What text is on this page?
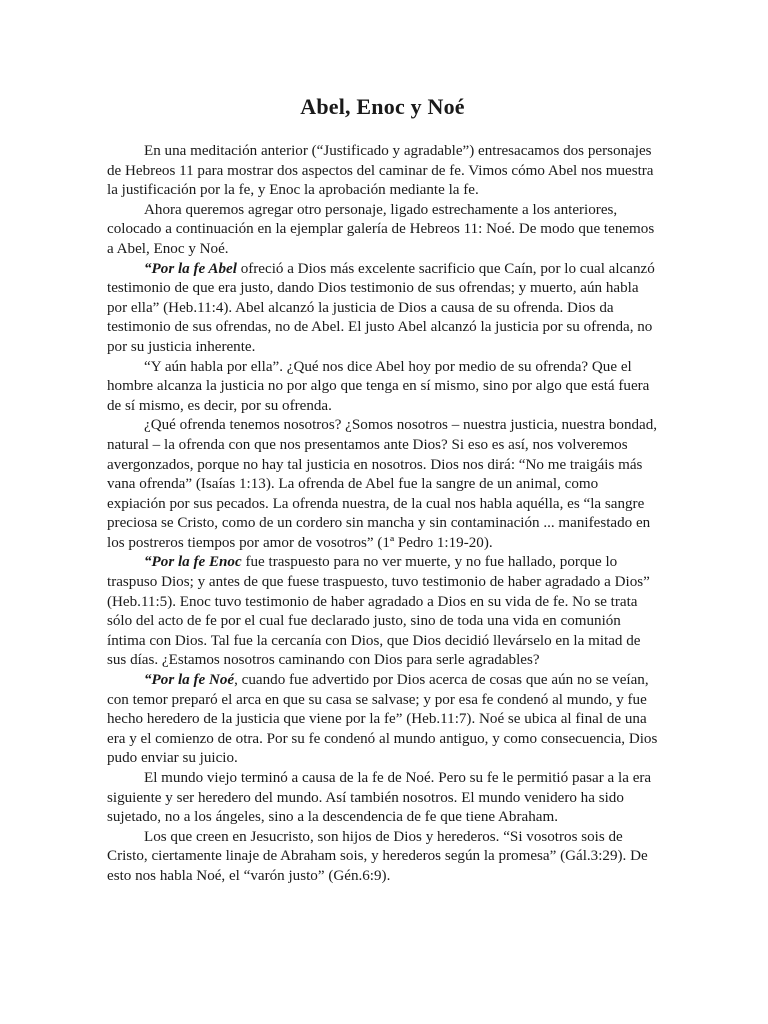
Abel, Enoc y Noé

En una meditación anterior (“Justificado y agradable”) entresacamos dos personajes de Hebreos 11 para mostrar dos aspectos del caminar de fe. Vimos cómo Abel nos muestra la justificación por la fe, y Enoc la aprobación mediante la fe.

Ahora queremos agregar otro personaje, ligado estrechamente a los anteriores, colocado a continuación en la ejemplar galería de Hebreos 11: Noé. De modo que tenemos a Abel, Enoc y Noé.

“Por la fe Abel ofreció a Dios más excelente sacrificio que Caín, por lo cual alcanzó testimonio de que era justo, dando Dios testimonio de sus ofrendas; y muerto, aún habla por ella” (Heb.11:4). Abel alcanzó la justicia de Dios a causa de su ofrenda. Dios da testimonio de sus ofrendas, no de Abel. El justo Abel alcanzó la justicia por su ofrenda, no por su justicia inherente.

“Y aún habla por ella”. ¿Qué nos dice Abel hoy por medio de su ofrenda? Que el hombre alcanza la justicia no por algo que tenga en sí mismo, sino por algo que está fuera de sí mismo, es decir, por su ofrenda.

¿Qué ofrenda tenemos nosotros? ¿Somos nosotros – nuestra justicia, nuestra bondad, natural – la ofrenda con que nos presentamos ante Dios? Si eso es así, nos volveremos avergonzados, porque no hay tal justicia en nosotros. Dios nos dirá: “No me traigáis más vana ofrenda” (Isaías 1:13). La ofrenda de Abel fue la sangre de un animal, como expiación por sus pecados. La ofrenda nuestra, de la cual nos habla aquélla, es “la sangre preciosa se Cristo, como de un cordero sin mancha y sin contaminación ... manifestado en los postreros tiempos por amor de vosotros” (1ª Pedro 1:19-20).

“Por la fe Enoc fue traspuesto para no ver muerte, y no fue hallado, porque lo traspuso Dios; y antes de que fuese traspuesto, tuvo testimonio de haber agradado a Dios” (Heb.11:5). Enoc tuvo testimonio de haber agradado a Dios en su vida de fe. No se trata sólo del acto de fe por el cual fue declarado justo, sino de toda una vida en comunión íntima con Dios. Tal fue la cercanía con Dios, que Dios decidió llevárselo en la mitad de sus días. ¿Estamos nosotros caminando con Dios para serle agradables?

“Por la fe Noé, cuando fue advertido por Dios acerca de cosas que aún no se veían, con temor preparó el arca en que su casa se salvase; y por esa fe condenó al mundo, y fue hecho heredero de la justicia que viene por la fe” (Heb.11:7). Noé se ubica al final de una era y el comienzo de otra. Por su fe condenó al mundo antiguo, y como consecuencia, Dios pudo enviar su juicio.

El mundo viejo terminó a causa de la fe de Noé. Pero su fe le permitió pasar a la era siguiente y ser heredero del mundo. Así también nosotros. El mundo venidero ha sido sujetado, no a los ángeles, sino a la descendencia de fe que tiene Abraham.

Los que creen en Jesucristo, son hijos de Dios y herederos. “Si vosotros sois de Cristo, ciertamente linaje de Abraham sois, y herederos según la promesa” (Gál.3:29). De esto nos habla Noé, el “varón justo” (Gén.6:9).
